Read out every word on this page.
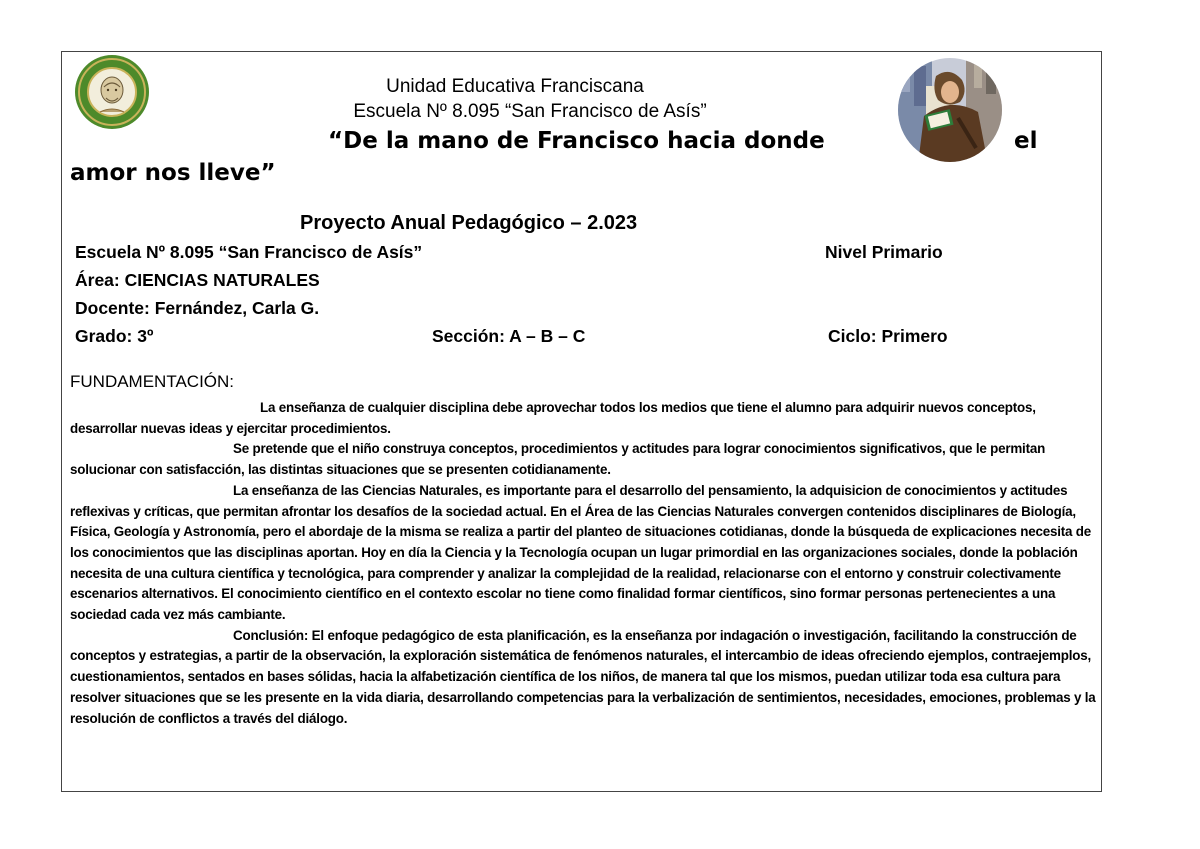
Unidad Educativa Franciscana
Escuela Nº 8.095 “San Francisco de Asís”
“De la mano de Francisco hacia donde	el
amor nos lleve”
Proyecto Anual Pedagógico – 2.023
Escuela Nº 8.095 “San Francisco de Asís”	Nivel Primario
Área: CIENCIAS NATURALES
Docente: Fernández, Carla G.
Grado: 3º	Sección: A – B – C	Ciclo: Primero
FUNDAMENTACIÓN:

La enseñanza de cualquier disciplina debe aprovechar todos los medios que tiene el alumno para adquirir nuevos conceptos, desarrollar nuevas ideas y ejercitar procedimientos.

Se pretende que el niño construya conceptos, procedimientos y actitudes para lograr conocimientos significativos, que le permitan solucionar con satisfacción, las distintas situaciones que se presenten cotidianamente.

La enseñanza de las Ciencias Naturales, es importante para el desarrollo del pensamiento, la adquisicion de conocimientos y actitudes reflexivas y críticas, que permitan afrontar los desafíos de la sociedad actual. En el Área de las Ciencias Naturales convergen contenidos disciplinares de Biología, Física, Geología y Astronomía, pero el abordaje de la misma se realiza a partir del planteo de situaciones cotidianas, donde la búsqueda de explicaciones necesita de los conocimientos que las disciplinas aportan. Hoy en día la Ciencia y la Tecnología ocupan un lugar primordial en las organizaciones sociales, donde la población necesita de una cultura científica y tecnológica, para comprender y analizar la complejidad de la realidad, relacionarse con el entorno y construir colectivamente escenarios alternativos. El conocimiento científico en el contexto escolar no tiene como finalidad formar científicos, sino formar personas pertenecientes a una sociedad cada vez más cambiante.

Conclusión: El enfoque pedagógico de esta planificación, es la enseñanza por indagación o investigación, facilitando la construcción de conceptos y estrategias, a partir de la observación, la exploración sistemática de fenómenos naturales, el intercambio de ideas ofreciendo ejemplos, contraejemplos, cuestionamientos, sentados en bases sólidas, hacia la alfabetización científica de los niños, de manera tal que los mismos, puedan utilizar toda esa cultura para resolver situaciones que se les presente en la vida diaria, desarrollando competencias para la verbalización de sentimientos, necesidades, emociones, problemas y la resolución de conflictos a través del diálogo.
